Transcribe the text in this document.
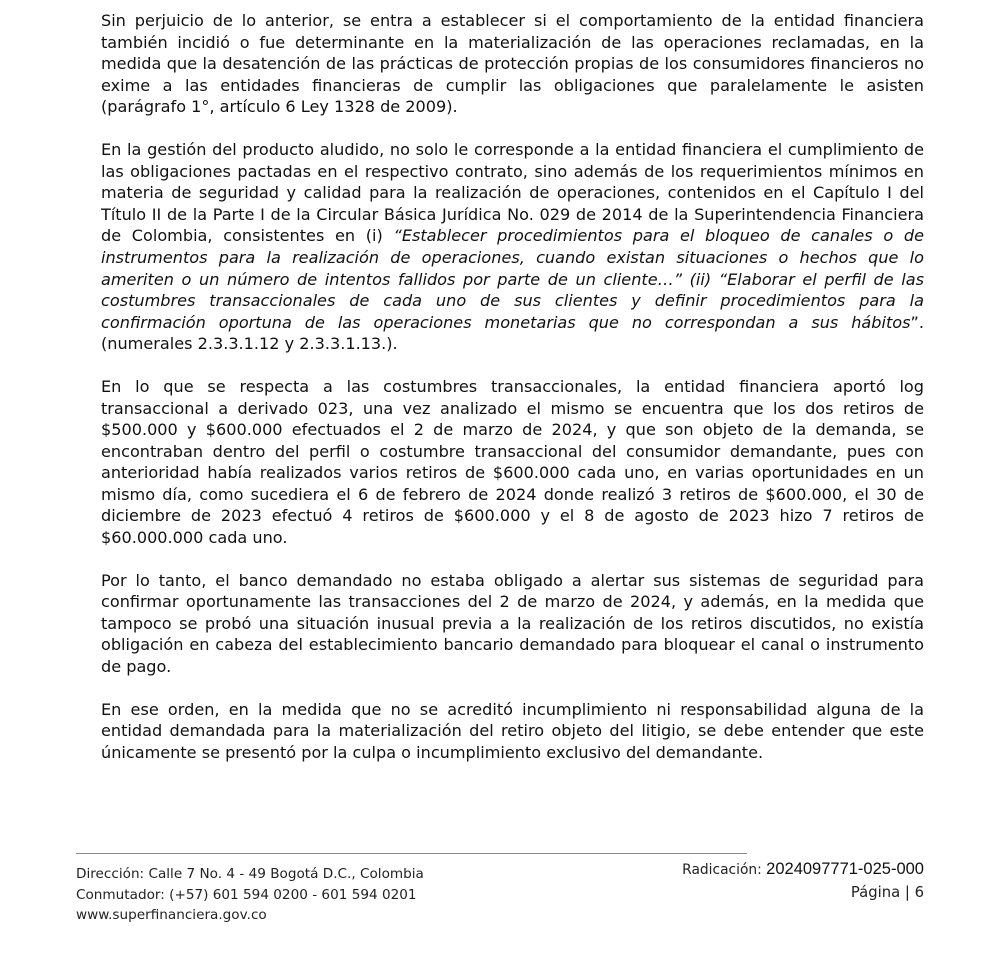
Sin perjuicio de lo anterior, se entra a establecer si el comportamiento de la entidad financiera también incidió o fue determinante en la materialización de las operaciones reclamadas, en la medida que la desatención de las prácticas de protección propias de los consumidores financieros no exime a las entidades financieras de cumplir las obligaciones que paralelamente le asisten (parágrafo 1°, artículo 6 Ley 1328 de 2009).

En la gestión del producto aludido, no solo le corresponde a la entidad financiera el cumplimiento de las obligaciones pactadas en el respectivo contrato, sino además de los requerimientos mínimos en materia de seguridad y calidad para la realización de operaciones, contenidos en el Capítulo I del Título II de la Parte I de la Circular Básica Jurídica No. 029 de 2014 de la Superintendencia Financiera de Colombia, consistentes en (i) “Establecer procedimientos para el bloqueo de canales o de instrumentos para la realización de operaciones, cuando existan situaciones o hechos que lo ameriten o un número de intentos fallidos por parte de un cliente…” (ii) “Elaborar el perfil de las costumbres transaccionales de cada uno de sus clientes y definir procedimientos para la confirmación oportuna de las operaciones monetarias que no correspondan a sus hábitos”. (numerales 2.3.3.1.12 y 2.3.3.1.13.).

En lo que se respecta a las costumbres transaccionales, la entidad financiera aportó log transaccional a derivado 023, una vez analizado el mismo se encuentra que los dos retiros de $500.000 y $600.000 efectuados el 2 de marzo de 2024, y que son objeto de la demanda, se encontraban dentro del perfil o costumbre transaccional del consumidor demandante, pues con anterioridad había realizados varios retiros de $600.000 cada uno, en varias oportunidades en un mismo día, como sucediera el 6 de febrero de 2024 donde realizó 3 retiros de $600.000, el 30 de diciembre de 2023 efectuó 4 retiros de $600.000 y el 8 de agosto de 2023 hizo 7 retiros de $60.000.000 cada uno.

Por lo tanto, el banco demandado no estaba obligado a alertar sus sistemas de seguridad para confirmar oportunamente las transacciones del 2 de marzo de 2024, y además, en la medida que tampoco se probó una situación inusual previa a la realización de los retiros discutidos, no existía obligación en cabeza del establecimiento bancario demandado para bloquear el canal o instrumento de pago.

En ese orden, en la medida que no se acreditó incumplimiento ni responsabilidad alguna de la entidad demandada para la materialización del retiro objeto del litigio, se debe entender que este únicamente se presentó por la culpa o incumplimiento exclusivo del demandante.

Dirección: Calle 7 No. 4 - 49 Bogotá D.C., Colombia
Conmutador: (+57) 601 594 0200 - 601 594 0201
www.superfinanciera.gov.co
Radicación: 2024097771-025-000
Página | 6
